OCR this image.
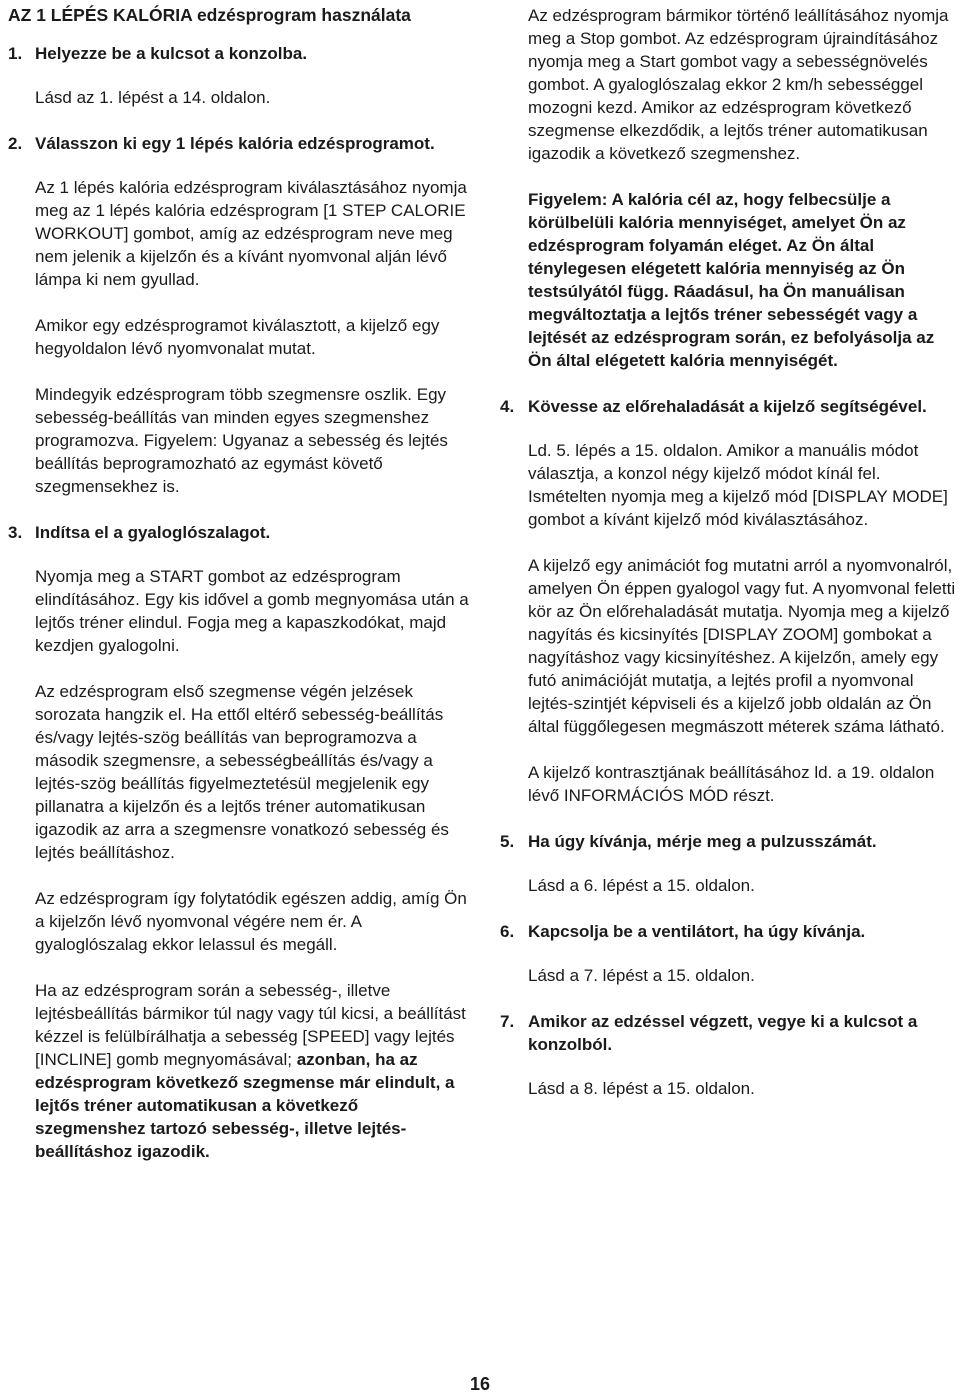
AZ 1 LÉPÉS KALÓRIA edzésprogram használata
1. Helyezze be a kulcsot a konzolba.

Lásd az 1. lépést a 14. oldalon.

2. Válasszon ki egy 1 lépés kalória edzésprogramot.

Az 1 lépés kalória edzésprogram kiválasztásához nyomja meg az 1 lépés kalória edzésprogram [1 STEP CALORIE WORKOUT] gombot, amíg az edzésprogram neve meg nem jelenik a kijelzőn és a kívánt nyomvonal alján lévő lámpa ki nem gyullad.

Amikor egy edzésprogramot kiválasztott, a kijelző egy hegyoldalon lévő nyomvonalat mutat.

Mindegyik edzésprogram több szegmensre oszlik. Egy sebesség-beállítás van minden egyes szegmenshez programozva. Figyelem: Ugyanaz a sebesség és lejtés beállítás beprogramozható az egymást követő szegmensekhez is.

3. Indítsa el a gyaloglószalagot.

Nyomja meg a START gombot az edzésprogram elindításához. Egy kis idővel a gomb megnyomása után a lejtős tréner elindul. Fogja meg a kapaszkodókat, majd kezdjen gyalogolni.

Az edzésprogram első szegmense végén jelzések sorozata hangzik el. Ha ettől eltérő sebesség-beállítás és/vagy lejtés-szög beállítás van beprogramozva a második szegmensre, a sebességbeállítás és/vagy a lejtés-szög beállítás figyelmeztetésül megjelenik egy pillanatra a kijelzőn és a lejtős tréner automatikusan igazodik az arra a szegmensre vonatkozó sebesség és lejtés beállításhoz.

Az edzésprogram így folytatódik egészen addig, amíg Ön a kijelzőn lévő nyomvonal végére nem ér. A gyaloglószalag ekkor lelassul és megáll.

Ha az edzésprogram során a sebesség-, illetve lejtésbeállítás bármikor túl nagy vagy túl kicsi, a beállítást kézzel is felülbírálhatja a sebesség [SPEED] vagy lejtés [INCLINE] gomb megnyomásával; azonban, ha az edzésprogram következő szegmense már elindult, a lejtős tréner automatikusan a következő szegmenshez tartozó sebesség-, illetve lejtés-beállításhoz igazodik.

Az edzésprogram bármikor történő leállításához nyomja meg a Stop gombot. Az edzésprogram újraindításához nyomja meg a Start gombot vagy a sebességnövelés gombot. A gyaloglószalag ekkor 2 km/h sebességgel mozogni kezd. Amikor az edzésprogram következő szegmense elkezdődik, a lejtős tréner automatikusan igazodik a következő szegmenshez.

Figyelem: A kalória cél az, hogy felbecsülje a körülbelüli kalória mennyiséget, amelyet Ön az edzésprogram folyamán eléget. Az Ön által ténylegesen elégetett kalória mennyiség az Ön testsúlyától függ. Ráadásul, ha Ön manuálisan megváltoztatja a lejtős tréner sebességét vagy a lejtését az edzésprogram során, ez befolyásolja az Ön által elégetett kalória mennyiségét.

4. Kövesse az előrehaladását a kijelző segítségével.

Ld. 5. lépés a 15. oldalon. Amikor a manuális módot választja, a konzol négy kijelző módot kínál fel. Ismételten nyomja meg a kijelző mód [DISPLAY MODE] gombot a kívánt kijelző mód kiválasztásához.

A kijelző egy animációt fog mutatni arról a nyomvonalról, amelyen Ön éppen gyalogol vagy fut. A nyomvonal feletti kör az Ön előrehaladását mutatja. Nyomja meg a kijelző nagyítás és kicsinyítés [DISPLAY ZOOM] gombokat a nagyításhoz vagy kicsinyítéshez. A kijelzőn, amely egy futó animációját mutatja, a lejtés profil a nyomvonal lejtés-szintjét képviseli és a kijelző jobb oldalán az Ön által függőlegesen megmászott méterek száma látható.

A kijelző kontrasztjának beállításához ld. a 19. oldalon lévő INFORMÁCIÓS MÓD részt.

5. Ha úgy kívánja, mérje meg a pulzusszámát.

Lásd a 6. lépést a 15. oldalon.

6. Kapcsolja be a ventilátort, ha úgy kívánja.

Lásd a 7. lépést a 15. oldalon.

7. Amikor az edzéssel végzett, vegye ki a kulcsot a konzolból.

Lásd a 8. lépést a 15. oldalon.

16
